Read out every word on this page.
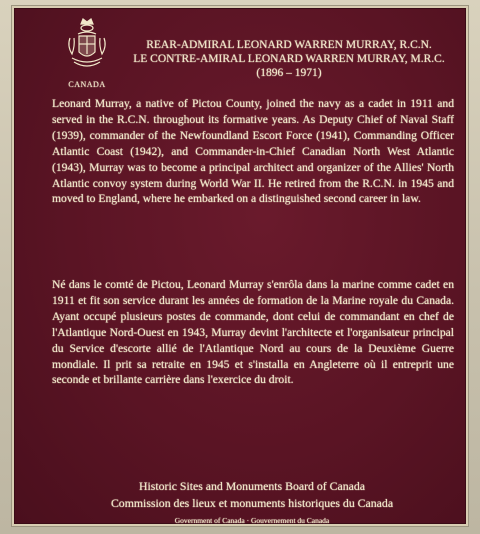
CANADA
REAR-ADMIRAL LEONARD WARREN MURRAY, R.C.N.
LE CONTRE-AMIRAL LEONARD WARREN MURRAY, M.R.C.
(1896 – 1971)

Leonard Murray, a native of Pictou County, joined the navy as a cadet in 1911 and served in the R.C.N. throughout its formative years. As Deputy Chief of Naval Staff (1939), commander of the Newfoundland Escort Force (1941), Commanding Officer Atlantic Coast (1942), and Commander-in-Chief Canadian North West Atlantic (1943), Murray was to become a principal architect and organizer of the Allies' North Atlantic convoy system during World War II. He retired from the R.C.N. in 1945 and moved to England, where he embarked on a distinguished second career in law.

Né dans le comté de Pictou, Leonard Murray s'enrôla dans la marine comme cadet en 1911 et fit son service durant les années de formation de la Marine royale du Canada. Ayant occupé plusieurs postes de commande, dont celui de commandant en chef de l'Atlantique Nord-Ouest en 1943, Murray devint l'architecte et l'organisateur principal du Service d'escorte allié de l'Atlantique Nord au cours de la Deuxième Guerre mondiale. Il prit sa retraite en 1945 et s'installa en Angleterre où il entreprit une seconde et brillante carrière dans l'exercice du droit.

Historic Sites and Monuments Board of Canada
Commission des lieux et monuments historiques du Canada
Government of Canada · Gouvernement du Canada
